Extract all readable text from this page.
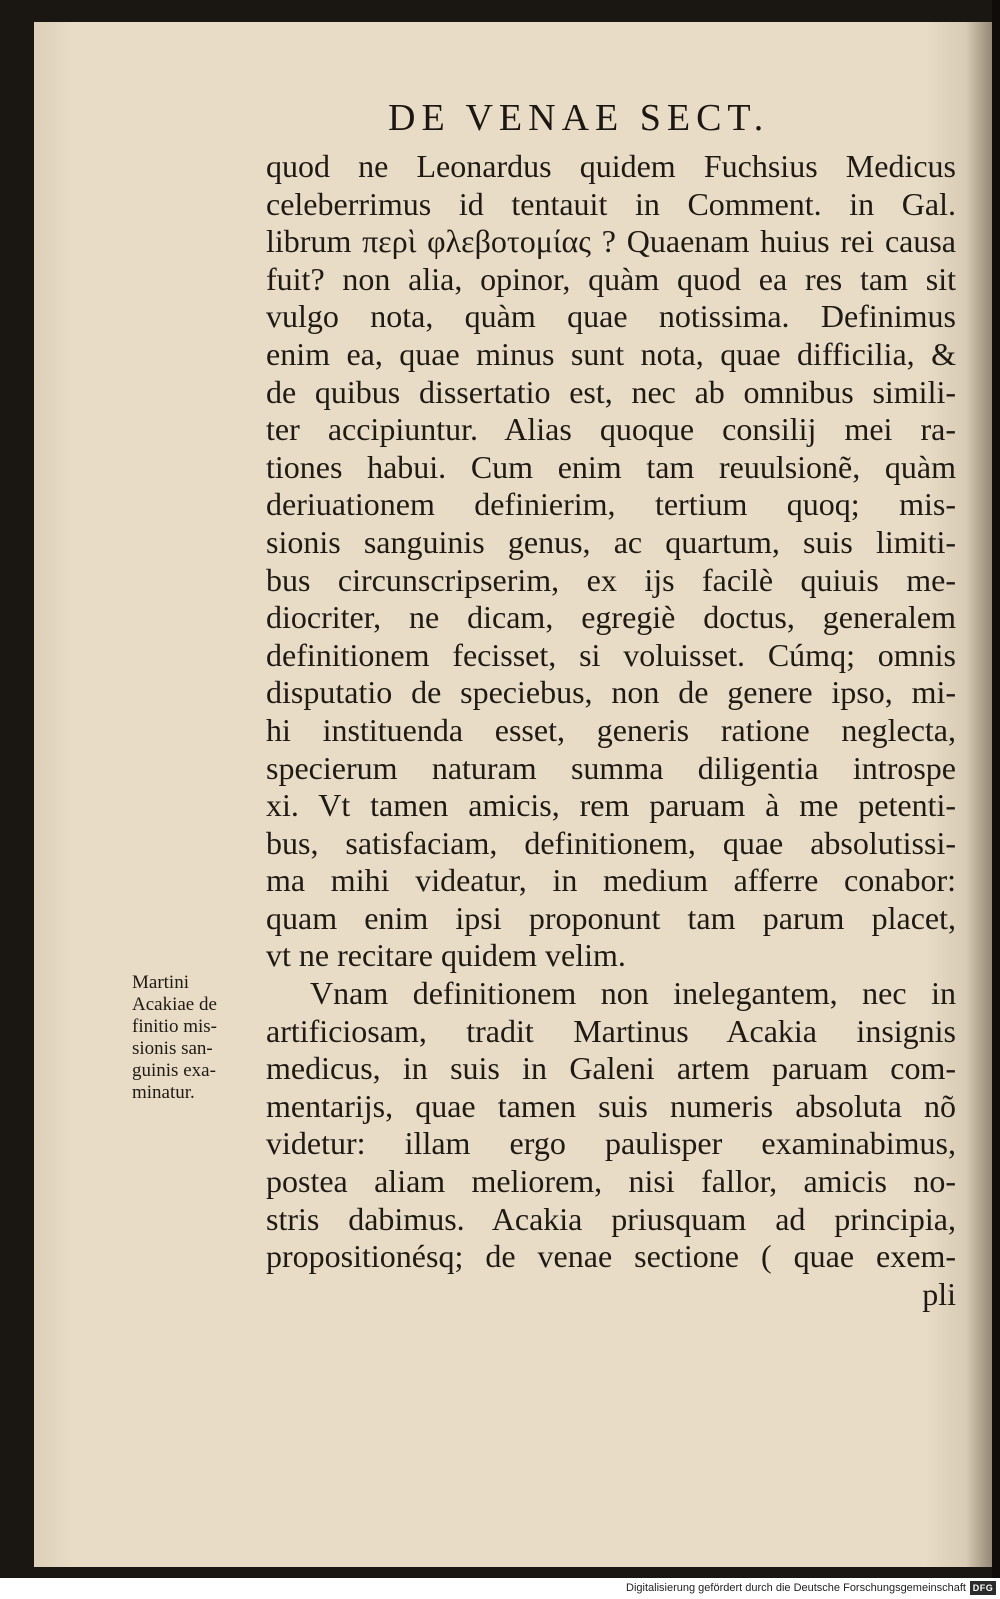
DE VENAE SECT.
quod ne Leonardus quidem Fuchsius Medicus
celeberrimus id tentauit in Comment. in Gal.
librum περὶ φλεβοτομίας ? Quaenam huius rei causa
fuit? non alia, opinor, quàm quod ea res tam sit
vulgo nota, quàm quae notissima. Definimus
enim ea, quae minus sunt nota, quae difficilia, &
de quibus dissertatio est, nec ab omnibus simili-
ter accipiuntur. Alias quoque consilij mei ra-
tiones habui. Cum enim tam reuulsionẽ, quàm
deriuationem definierim, tertium quoq; mis-
sionis sanguinis genus, ac quartum, suis limiti-
bus circunscripserim, ex ijs facilè quiuis me-
diocriter, ne dicam, egregiè doctus, generalem
definitionem fecisset, si voluisset. Cúmq; omnis
disputatio de speciebus, non de genere ipso, mi-
hi instituenda esset, generis ratione neglecta,
specierum naturam summa diligentia introspe
xi. Vt tamen amicis, rem paruam à me petenti-
bus, satisfaciam, definitionem, quae absolutissi-
ma mihi videatur, in medium afferre conabor:
quam enim ipsi proponunt tam parum placet,
vt ne recitare quidem velim.
Vnam definitionem non inelegantem, nec in
artificiosam, tradit Martinus Acakia insignis
medicus, in suis in Galeni artem paruam com-
mentarijs, quae tamen suis numeris absoluta nõ
videtur: illam ergo paulisper examinabimus,
postea aliam meliorem, nisi fallor, amicis no-
stris dabimus. Acakia priusquam ad principia,
propositionésq; de venae sectione ( quae exem-
pli
Martini
Acakiae de
finitio mis-
sionis san-
guinis exa-
minatur.
Digitalisierung gefördert durch die Deutsche Forschungsgemeinschaft DFG
